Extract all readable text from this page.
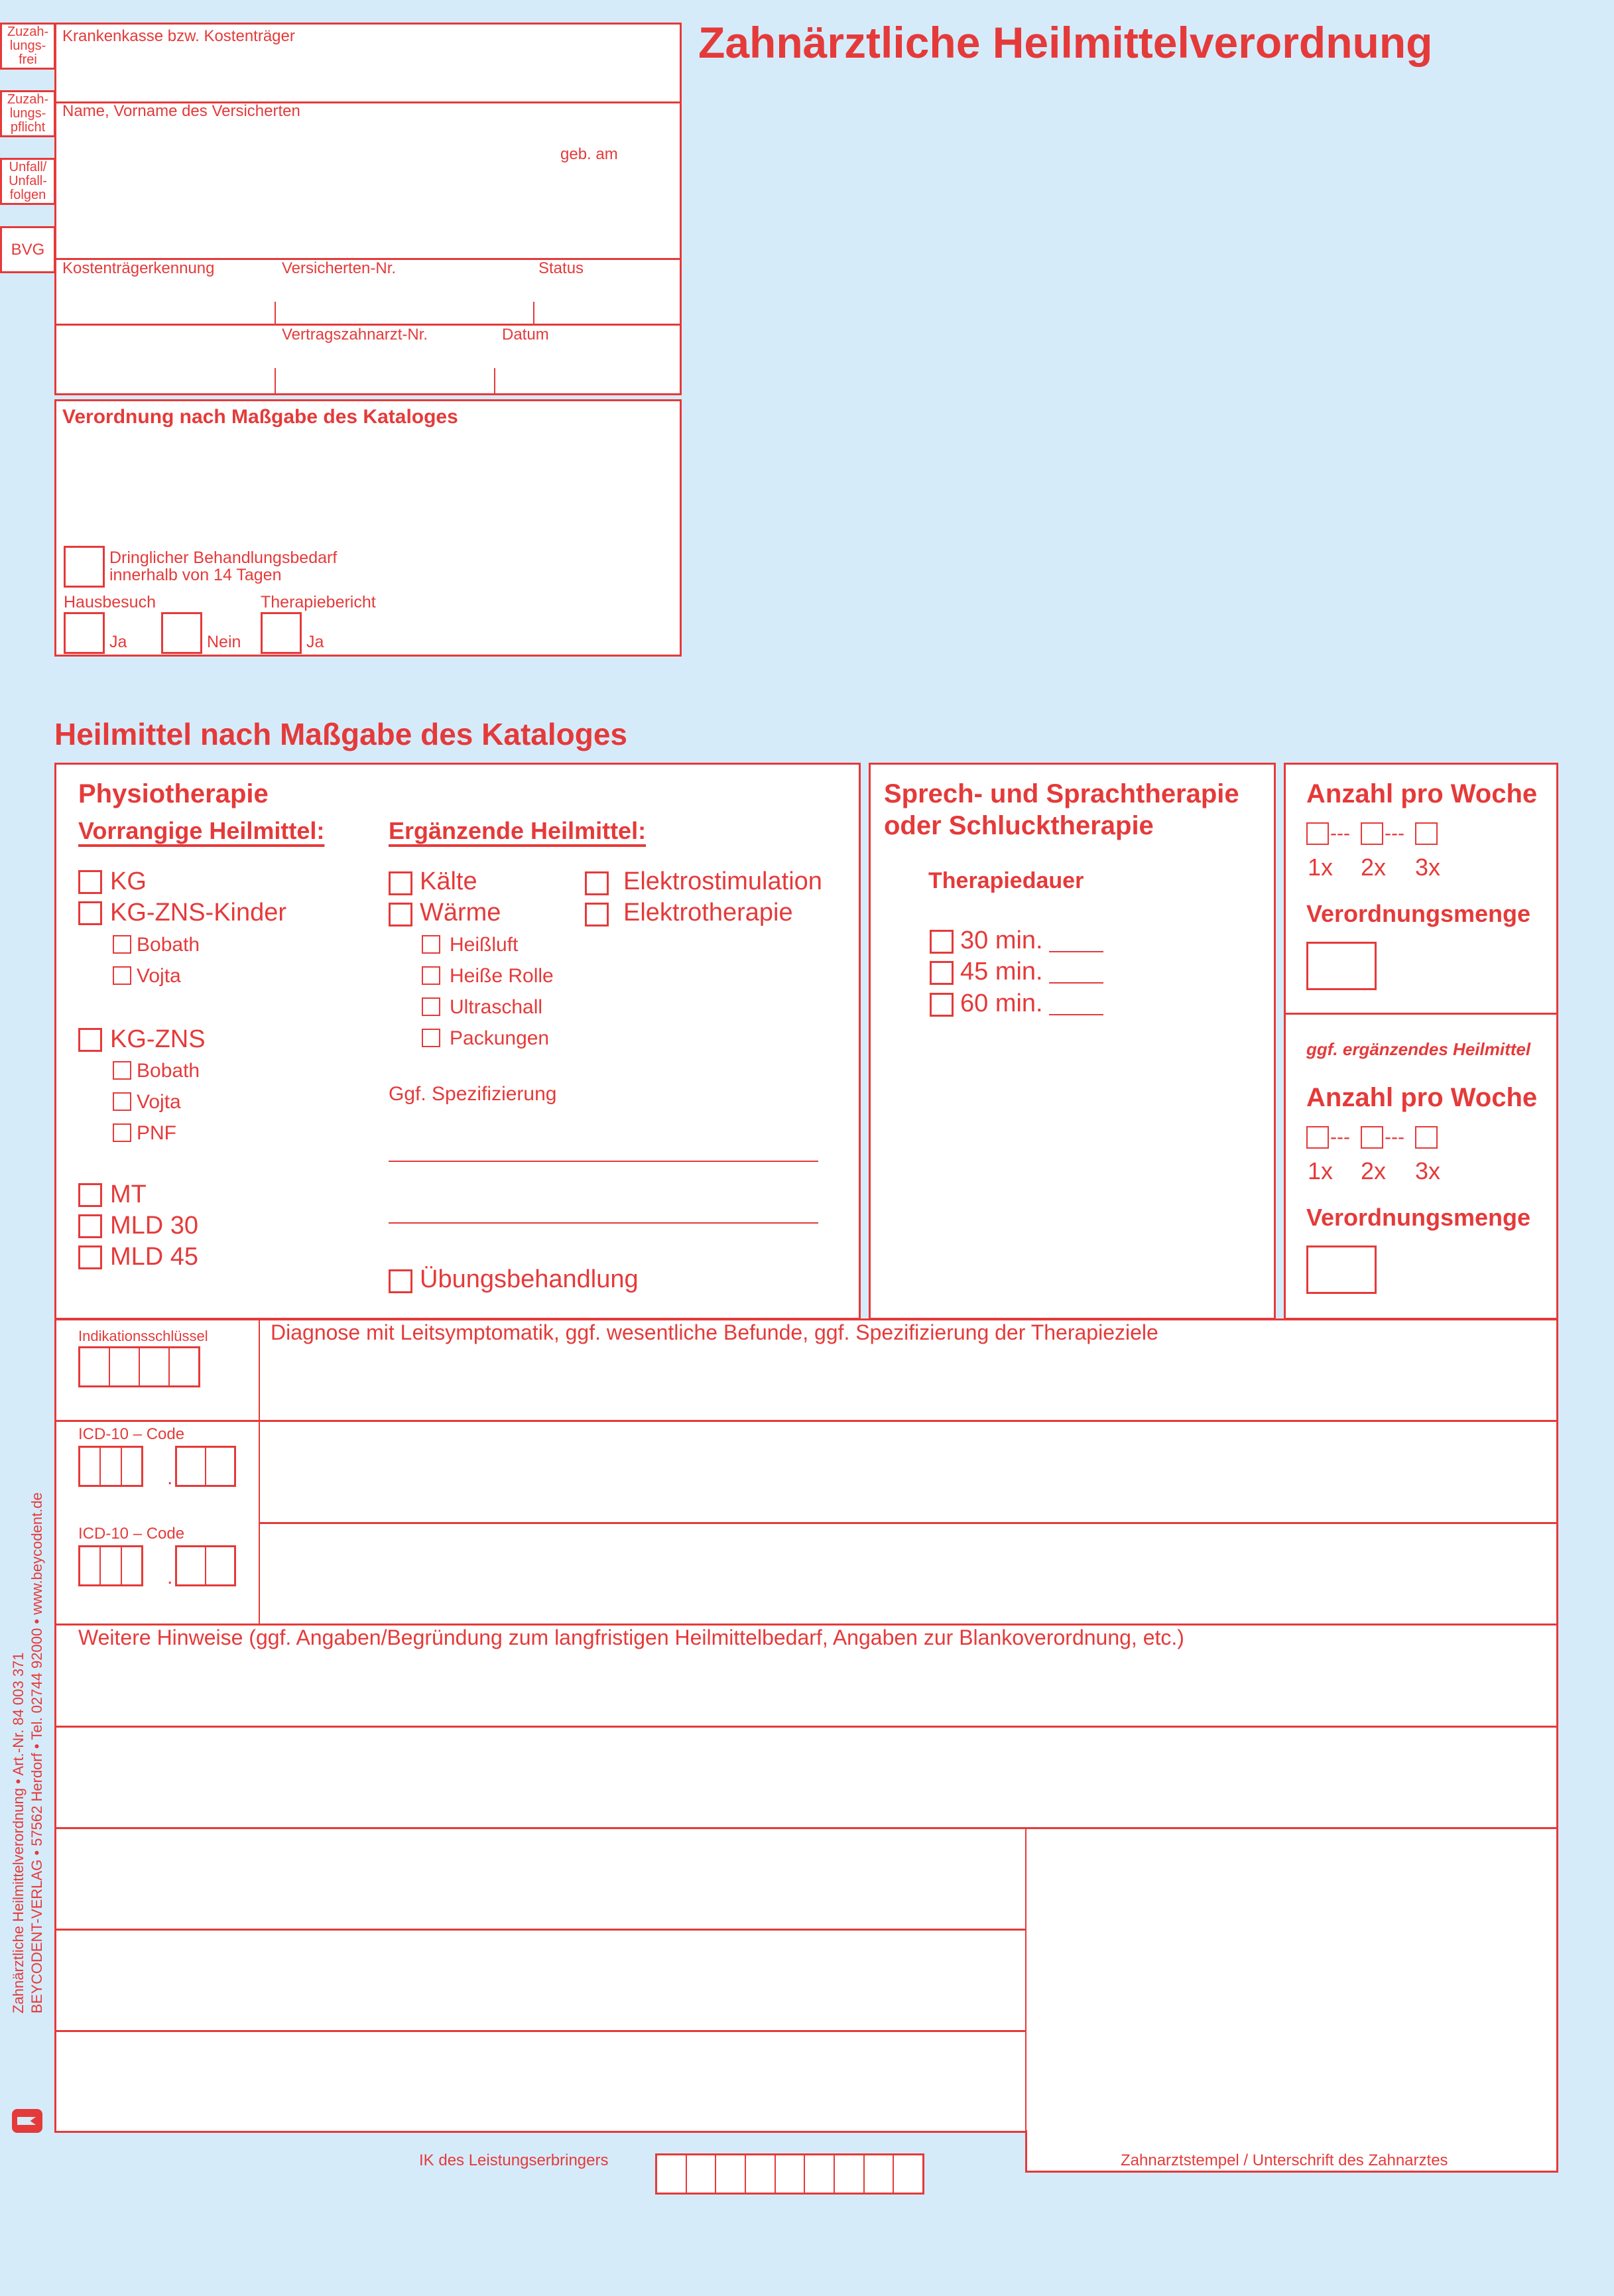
Zahnärztliche Heilmittelverordnung
Zuzah-
lungs-
frei
Zuzah-
lungs-
pflicht
Unfall/
Unfall-
folgen
BVG
Krankenkasse bzw. Kostenträger
Name, Vorname des Versicherten
geb. am
Kostenträgerkennung	Versicherten-Nr.	Status
Vertragszahnarzt-Nr.	Datum
Verordnung nach Maßgabe des Kataloges
Dringlicher Behandlungsbedarf
innerhalb von 14 Tagen
Hausbesuch	Therapiebericht
Ja	Nein	Ja
Heilmittel nach Maßgabe des Kataloges
Physiotherapie
Vorrangige Heilmittel:	Ergänzende Heilmittel:
KG
KG-ZNS-Kinder
Bobath
Vojta
KG-ZNS
Bobath
Vojta
PNF
MT
MLD 30
MLD 45
Kälte
Wärme
Heißluft
Heiße Rolle
Ultraschall
Packungen
Elektrostimulation
Elektrotherapie
Ggf. Spezifizierung
Übungsbehandlung
Sprech- und Sprachtherapie
oder Schlucktherapie
Therapiedauer
30 min.
45 min.
60 min.
Anzahl pro Woche
--- ---
1x 2x 3x
Verordnungsmenge
ggf. ergänzendes Heilmittel
Anzahl pro Woche
--- ---
1x 2x 3x
Verordnungsmenge
Indikationsschlüssel	Diagnose mit Leitsymptomatik, ggf. wesentliche Befunde, ggf. Spezifizierung der Therapieziele
ICD-10 – Code
.
ICD-10 – Code
.
Weitere Hinweise (ggf. Angaben/Begründung zum langfristigen Heilmittelbedarf, Angaben zur Blankoverordnung, etc.)
IK des Leistungserbringers	Zahnarztstempel / Unterschrift des Zahnarztes
Zahnärztliche Heilmittelverordnung • Art.-Nr. 84 003 371 BEYCODENT-VERLAG • 57562 Herdorf • Tel. 02744 92000 • www.beycodent.de
